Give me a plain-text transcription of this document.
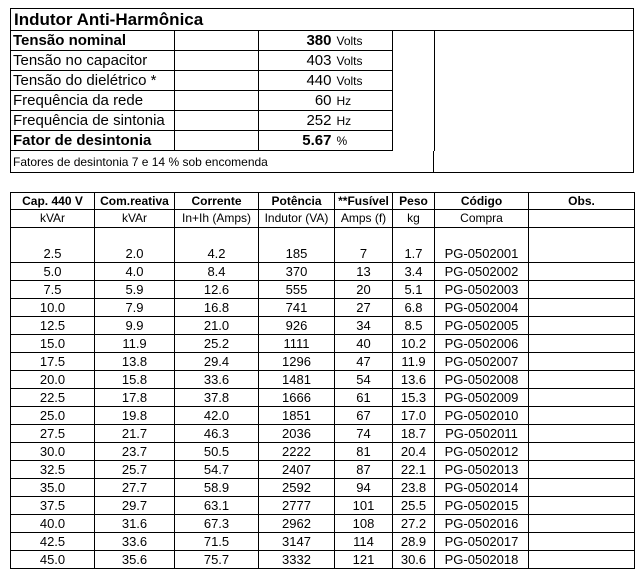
Indutor Anti-Harmônica
Tensão nominal		380	Volts	
Tensão no capacitor		403	Volts	
Tensão do dielétrico *		440	Volts	
Frequência da rede		60	Hz	
Frequência de sintonia		252	Hz	
Fator de desintonia		5.67	%	
Fatores de desintonia 7 e 14 % sob encomenda
Cap. 440 V	Com.reativa	Corrente	Potência	**Fusível	Peso	Código	Obs.
kVAr	kVAr	In+Ih (Amps)	Indutor (VA)	Amps (f)	kg	Compra	

2.5	2.0	4.2	185	7	1.7	PG-0502001	
5.0	4.0	8.4	370	13	3.4	PG-0502002	
7.5	5.9	12.6	555	20	5.1	PG-0502003	
10.0	7.9	16.8	741	27	6.8	PG-0502004	
12.5	9.9	21.0	926	34	8.5	PG-0502005	
15.0	11.9	25.2	1111	40	10.2	PG-0502006	
17.5	13.8	29.4	1296	47	11.9	PG-0502007	
20.0	15.8	33.6	1481	54	13.6	PG-0502008	
22.5	17.8	37.8	1666	61	15.3	PG-0502009	
25.0	19.8	42.0	1851	67	17.0	PG-0502010	
27.5	21.7	46.3	2036	74	18.7	PG-0502011	
30.0	23.7	50.5	2222	81	20.4	PG-0502012	
32.5	25.7	54.7	2407	87	22.1	PG-0502013	
35.0	27.7	58.9	2592	94	23.8	PG-0502014	
37.5	29.7	63.1	2777	101	25.5	PG-0502015	
40.0	31.6	67.3	2962	108	27.2	PG-0502016	
42.5	33.6	71.5	3147	114	28.9	PG-0502017	
45.0	35.6	75.7	3332	121	30.6	PG-0502018	
